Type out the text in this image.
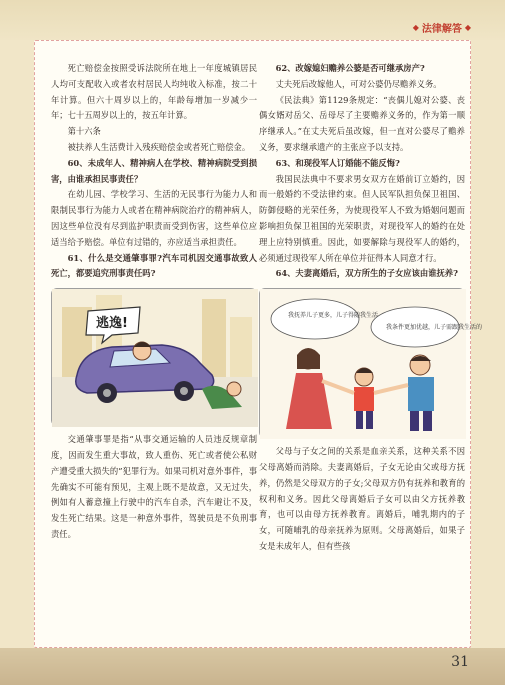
◆ 法律解答 ◆

死亡赔偿金按照受诉法院所在地上一年度城镇居民人均可支配收入或者农村居民人均纯收入标准，按二十年计算。但六十周岁以上的，年龄每增加一岁减少一年；七十五周岁以上的，按五年计算。

第十六条

被扶养人生活费计入残疾赔偿金或者死亡赔偿金。

60、未成年人、精神病人在学校、精神病院受到损害，由谁承担民事责任？

在幼儿园、学校学习、生活的无民事行为能力人和限制民事行为能力人或者在精神病院治疗的精神病人，因这些单位没有尽到监护职责而受到伤害，这些单位应适当给予赔偿。单位有过错的，亦应适当承担责任。

61、什么是交通肇事罪?汽车司机因交通事故致人死亡，都要追究刑事责任吗?

逃逸!

交通肇事罪是指“从事交通运输的人员违反规章制度，因而发生重大事故，致人重伤、死亡或者使公私财产遭受重大损失的”犯罪行为。如果司机对意外事件，事先确实不可能有预见，主观上既不是故意，又无过失，例如有人蓄意撞上行驶中的汽车自杀，汽车避让不及，发生死亡结果。这是一种意外事件，驾驶员是不负刑事责任。

62、改嫁媳妇赡养公婆是否可继承房产?

丈夫死后改嫁他人，可对公婆仍尽赡养义务。

《民法典》第1129条规定：“丧偶儿媳对公婆、丧偶女婿对岳父、岳母尽了主要赡养义务的，作为第一顺序继承人。”在丈夫死后虽改嫁，但一直对公婆尽了赡养义务，要求继承遗产的主张应予以支持。

63、和现役军人订婚能不能反悔?

我国民法典中不要求男女双方在婚前订立婚约，因而一般婚约不受法律约束。但人民军队担负保卫祖国、防御侵略的光荣任务，为使现役军人不致为婚姻问题而影响担负保卫祖国的光荣职责，对现役军人的婚约在处理上应特别慎重。因此，如要解除与现役军人的婚约，必须通过现役军人所在单位并征得本人同意才行。

64、夫妻离婚后，双方所生的子女应该由谁抚养?

我抚养儿子更多，儿子得随我生活
我条件更加优越，儿子需跟我生活的

父母与子女之间的关系是血亲关系，这种关系不因父母离婚而消除。夫妻离婚后，子女无论由父或母方抚养，仍然是父母双方的子女;父母双方仍有抚养和教育的权利和义务。因此父母离婚后子女可以由父方抚养教育，也可以由母方抚养教育。离婚后，哺乳期内的子女，可随哺乳的母亲抚养为原则。父母离婚后，如果子女是未成年人，但有些孩

31
